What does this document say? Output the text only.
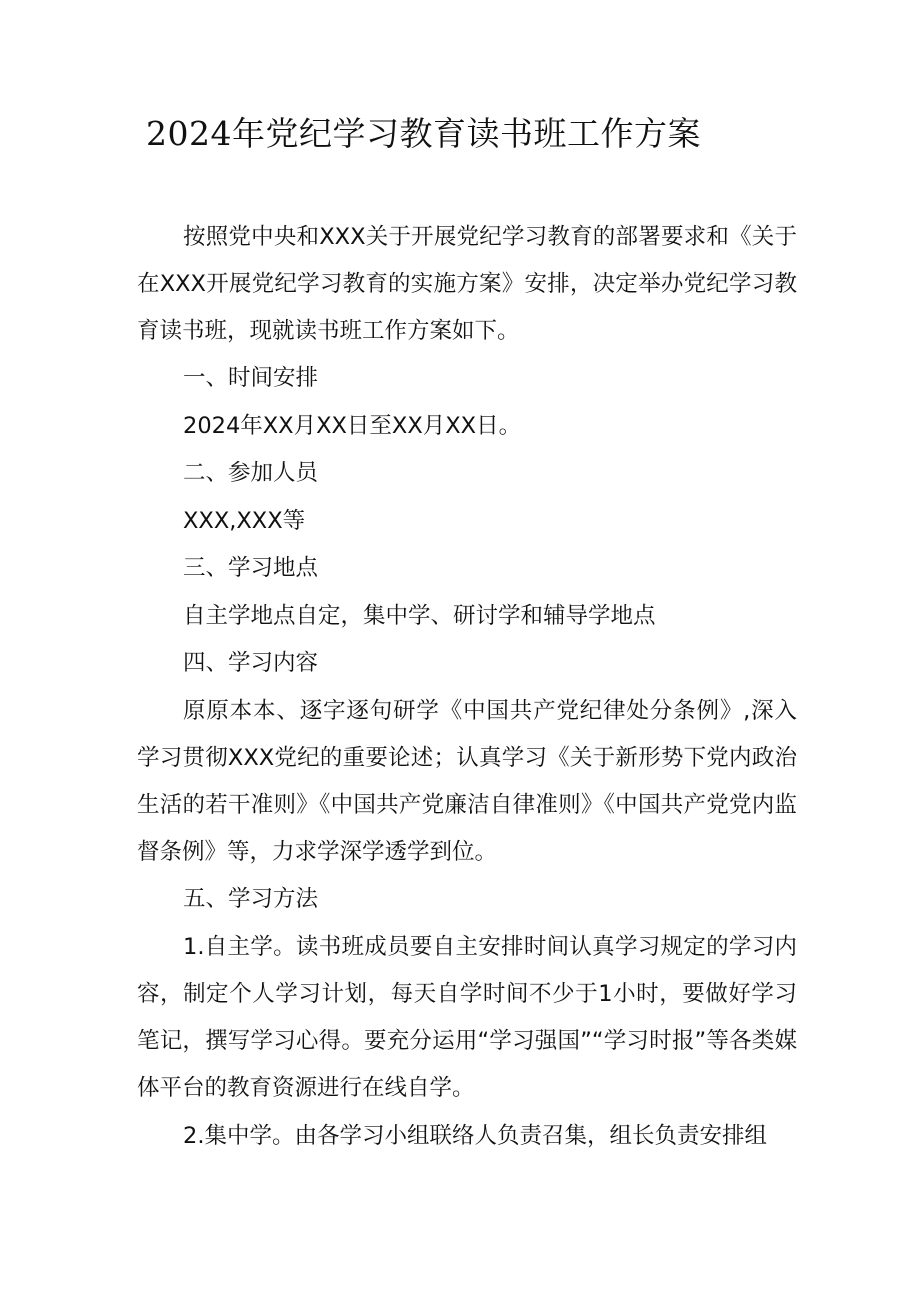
2024年党纪学习教育读书班工作方案

按照党中央和XXX关于开展党纪学习教育的部署要求和《关于在XXX开展党纪学习教育的实施方案》安排，决定举办党纪学习教育读书班，现就读书班工作方案如下。

一、时间安排

2024年XX月XX日至XX月XX日。

二、参加人员

XXX,XXX等

三、学习地点

自主学地点自定，集中学、研讨学和辅导学地点

四、学习内容

原原本本、逐字逐句研学《中国共产党纪律处分条例》,深入学习贯彻XXX党纪的重要论述；认真学习《关于新形势下党内政治生活的若干准则》《中国共产党廉洁自律准则》《中国共产党党内监督条例》等，力求学深学透学到位。

五、学习方法

1.自主学。读书班成员要自主安排时间认真学习规定的学习内容，制定个人学习计划，每天自学时间不少于1小时，要做好学习笔记，撰写学习心得。要充分运用“学习强国”“学习时报”等各类媒体平台的教育资源进行在线自学。

2.集中学。由各学习小组联络人负责召集，组长负责安排组
